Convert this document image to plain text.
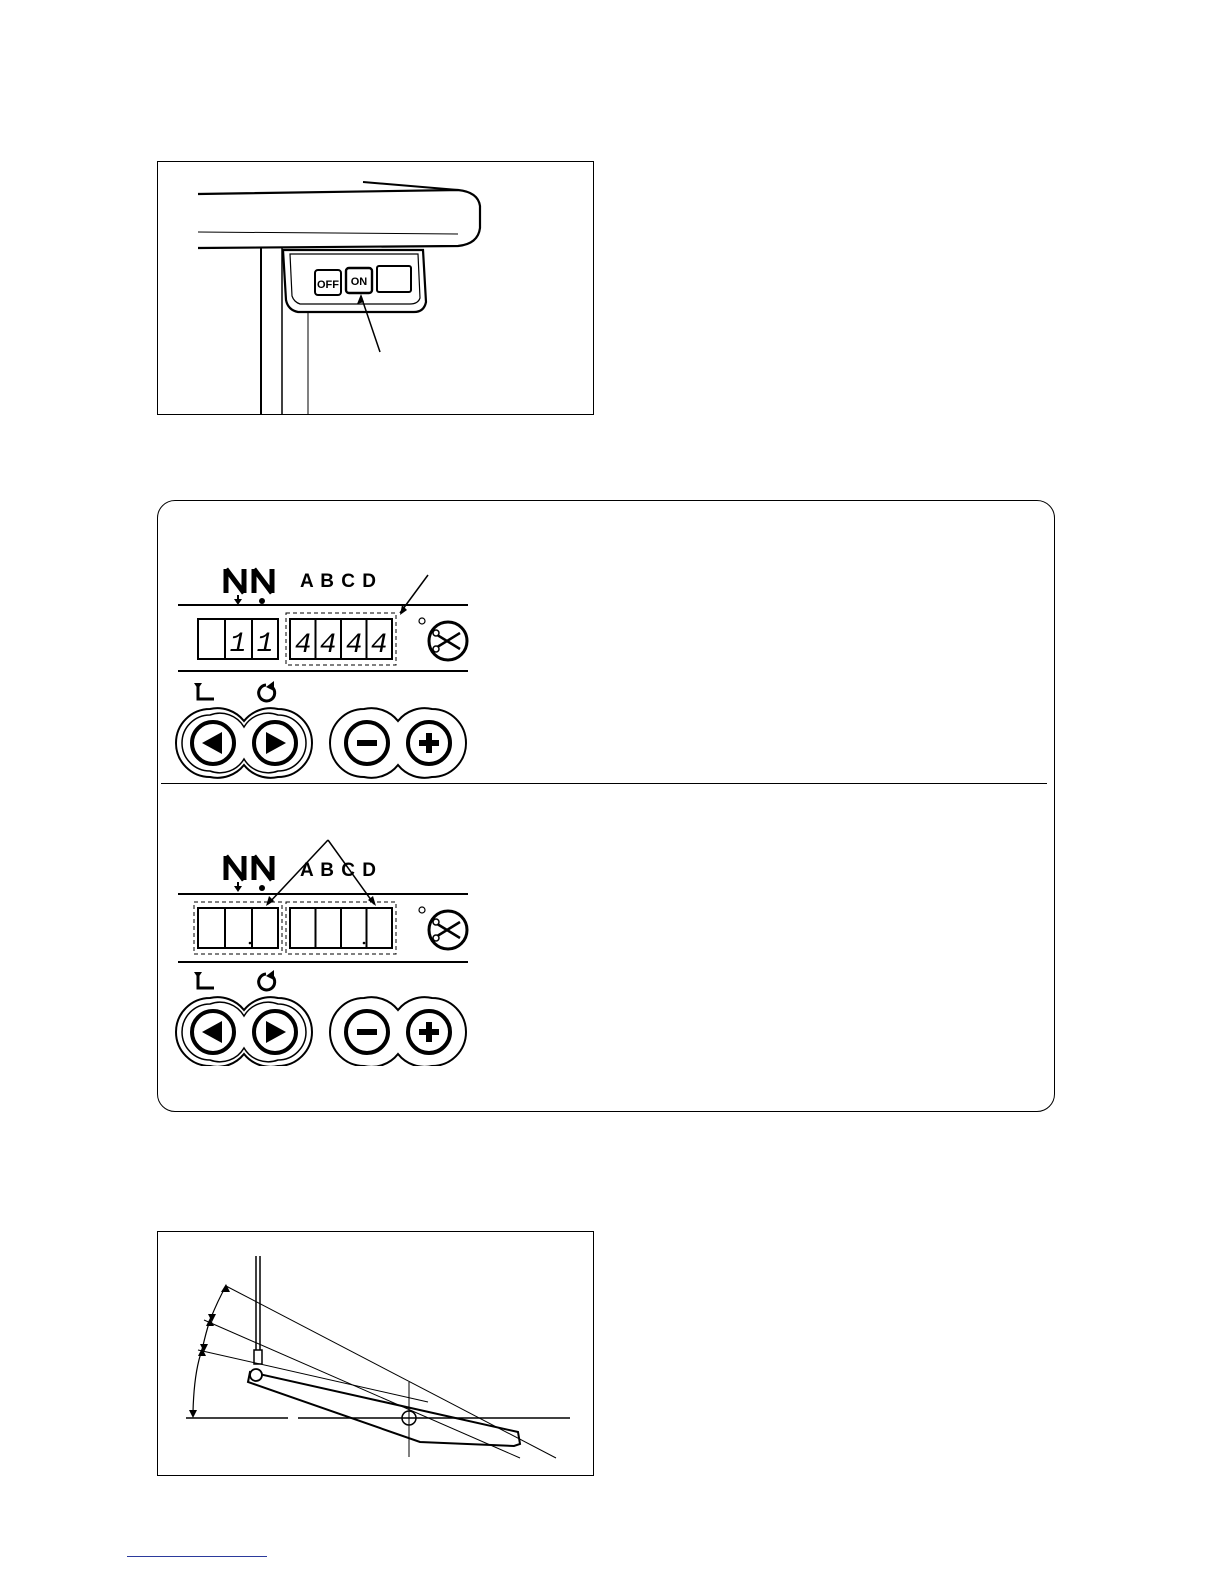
OFF ON
A B C D
1 1 4 4 4 4
A B C D
